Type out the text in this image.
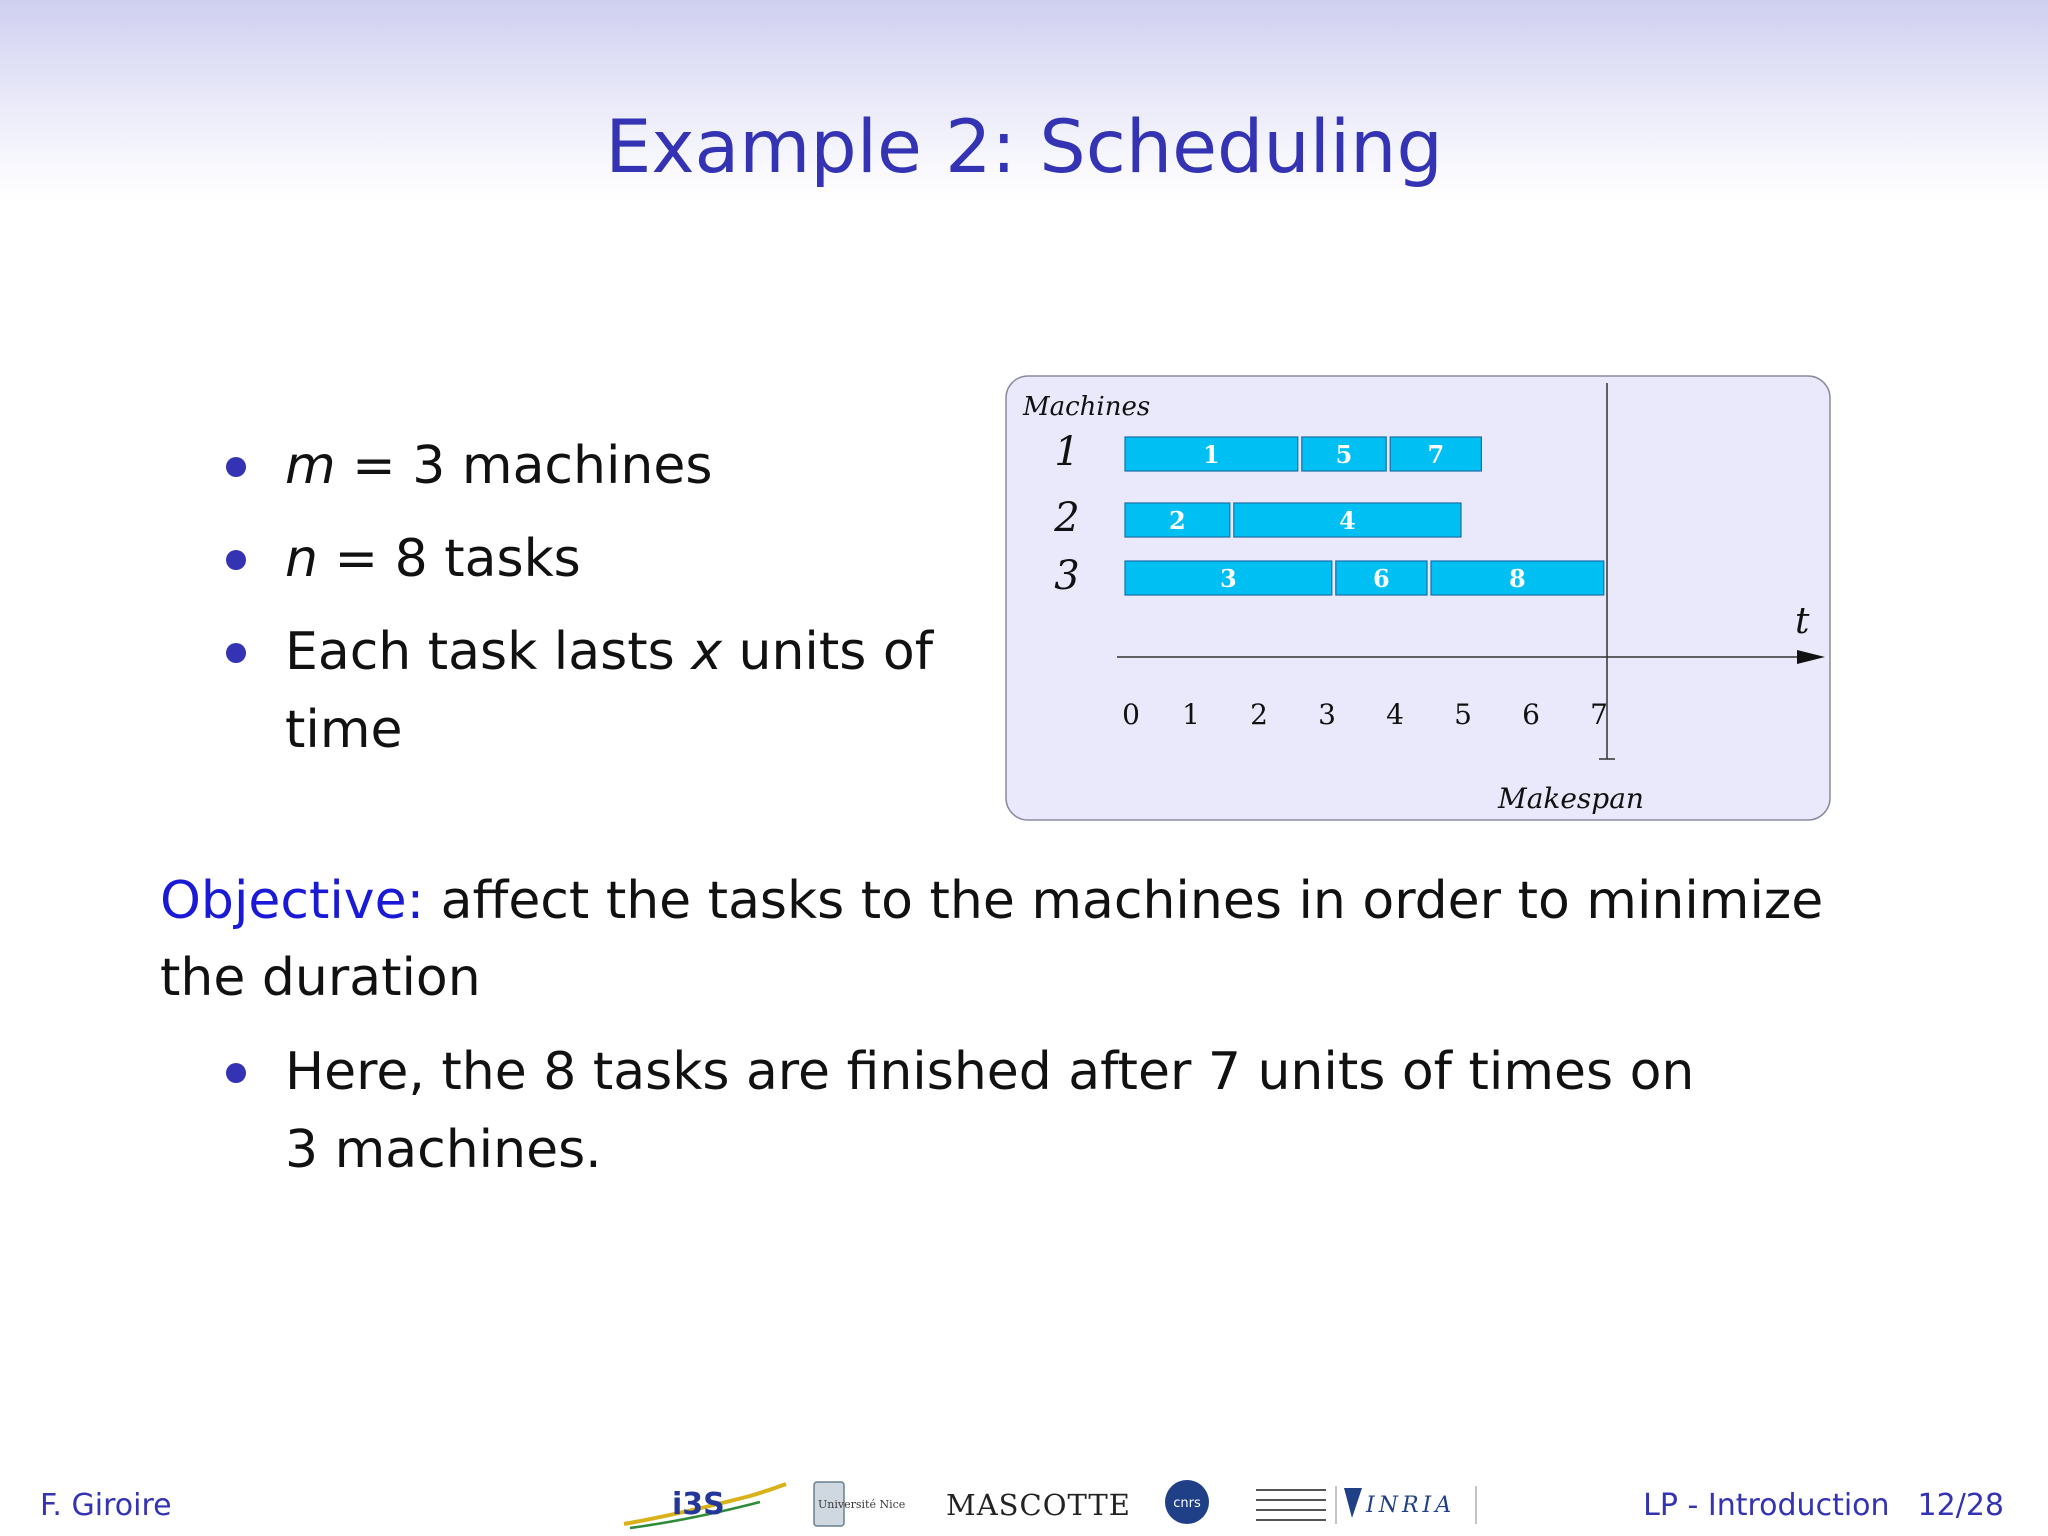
Example 2: Scheduling
m = 3 machines
n = 8 tasks
Each task lasts x units of time
Machines
1
2
3
1	5	7
2	4
3	6	8
t
0 1 2 3 4 5 6 7
Makespan
Objective: affect the tasks to the machines in order to minimize the duration
Here, the 8 tasks are finished after 7 units of times on 3 machines.
F. Giroire	i3S	Université Nice MASCOTTE	cnrs	INRIA	LP - Introduction 12/28
